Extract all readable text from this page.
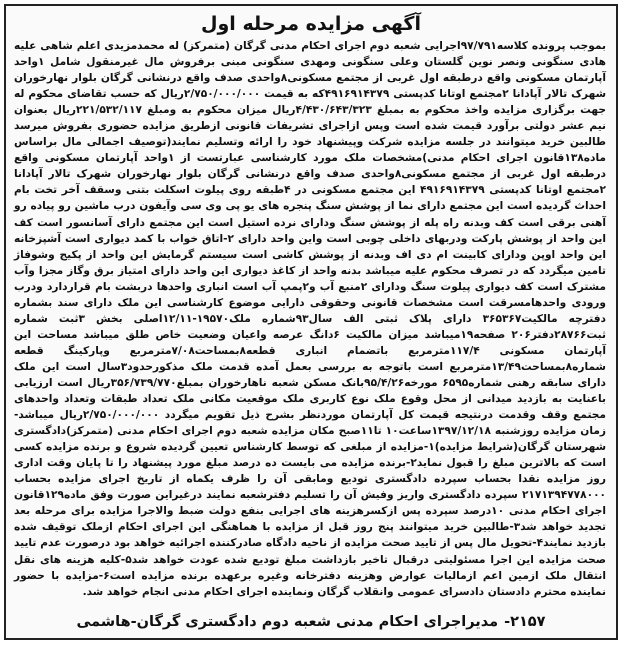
آگهی مزایده مرحله اول
بموجب پرونده کلاسه۹۷/۷۹۱اجرایی شعبه دوم اجرای احکام مدنی گرگان (متمرکز) له محمدمزیدی اعلم شاهی علیه هادی سنگونی ونصر نوین گلستان وعلی سنگونی ومهدی سنگونی مبنی برفروش مال غیرمنقول شامل ۱واحد آپارتمان مسکونی واقع درطبقه اول غربی از مجتمع مسکونی۸واحدی صدف واقع درنشانی گرگان بلوار نهارخوران شهرک تالار آپادانا ۲مجتمع اوتانا کدپستی ۴۹۱۶۹۱۴۳۷۹که به قیمت ۲/۷۵۰/۰۰۰/۰۰۰ریال که حسب تقاضای محکوم له جهت برگزاری مزایده واخذ محکوم به بمبلغ ۴/۴۳۰/۶۴۳/۳۲۳ریال میزان محکوم به ومبلغ ۲۲۱/۵۳۲/۱۱۷ریال بعنوان نیم عشر دولتی برآورد قیمت شده است وپس ازاجرای تشریفات قانونی ازطریق مزایده حضوری بفروش میرسد طالبین خرید میتوانند در جلسه مزایده شرکت وپیشنهاد خود را ارائه وتسلیم نمایند(توصیف اجمالی مال براساس ماده۱۳۸قانون اجرای احکام مدنی)مشخصات ملک مورد کارشناسی عبارتست از ۱واحد آپارتمان مسکونی واقع درطبقه اول غربی از مجتمع مسکونی۸واحدی صدف واقع درنشانی گرگان بلوار نهارخوران شهرک تالار آپادانا ۲مجتمع اوتانا کدپستی ۴۹۱۶۹۱۴۳۷۹ این مجتمع مسکونی در ۴طبقه روی پیلوت اسکلت بتنی وسقف آخر تخت بام احداث گردیده است این مجتمع دارای نما از پوشش سنگ پنجره های یو پی وی سی وآیفون درب ماشین رو پیاده رو آهنی برقی است کف وبدنه راه پله از پوشش سنگ ودارای نرده استیل است این مجتمع دارای آسانسور است کف این واحد از پوشش پارکت ودربهای داخلی چوبی است واین واحد دارای ۲-اتاق خواب با کمد دیواری است آشپزخانه این واحد اوپن ودارای کابینت ام دی اف وبدنه از پوشش کاشی است سیستم گرمایش این واحد از پکیج وشوفاژ تامین میگردد که در تصرف محکوم علیه میباشد بدنه واحد از کاغذ دیواری این واحد دارای امتیاز برق وگاز مجزا وآب مشترک است کف دیواری پیلوت سنگ ودارای ۲منبع آب و۲پمپ آب است انباری واحدها دربشت بام قراردارد ودرب ورودی واحدهامسرقت است مشخصات قانونی وحقوقی دارایی موضوع کارشناسی این ملک دارای سند بشماره دفترچه مالکیت۳۶۵۳۶۷ دارای پلاک ثبتی الف سال۹۳شماره ملک۱۹۵۷۰-۱۲/۱۱اصلی بخش ۳ثبت شماره ثبت۲۸۷۶۶دفتر۲۰۶ صفحه۱۹میباشد میزان مالکیت ۶دانگ عرصه واعیان وضعیت خاص طلق میباشد مساحت این آپارتمان مسکونی ۱۱۷/۴مترمربع باتضمام انباری قطعه۸بمساحت۷/۰۸مترمربع وپارکینگ قطعه شماره۸بمساحت۱۳/۴۹مترمربع است باتوجه به بررسی بعمل آمده قدمت ملک مذکورحدود۳سال است این ملک دارای سابقه رهنی شماره۶۵۹۵ مورخه۹۵/۴/۲۶بانک مسکن شعبه ناهارخوران بمبلغ۳۵۶/۷۳۹/۷۷۰ریال است ارزیابی باعنایت به بازدید میدانی از محل وقوع ملک نوع کاربری ملک موقعیت مکانی ملک تعداد طبقات وتعداد واحدهای مجتمع وقف وقدمت درنتیجه قیمت کل آپارتمان موردنظر بشرح ذیل تقویم میگردد ۲/۷۵۰/۰۰۰/۰۰۰ریال میباشد-زمان مزایده روزشنبه ۱۳۹۷/۱۲/۱۸ساعت۱۰ تا۱۱صبح مکان مزایده شعبه دوم اجرای احکام مدنی (متمرکز)دادگستری شهرستان گرگان(شرایط مزایده)۱-مزایده از مبلغی که توسط کارشناس تعیین گردیده شروع و برنده مزایده کسی است که بالاترین مبلغ را قبول نماید۲-برنده مزایده می بایست ده درصد مبلغ مورد پیشنهاد را تا پایان وقت اداری روز مزایده نقدا بحساب سپرده دادگستری تودیع ومابقی آن را ظرف یکماه از تاریخ اجرای مزایده بحساب ۲۱۷۱۳۹۴۷۷۸۰۰۰ سپرده دادگستری واریز وفیش آن را تسلیم دفترشعبه نمایند درغیراین صورت وفق ماده۱۲۹قانون اجرای احکام مدنی ۱۰درصد سپرده پس ازکسرهزینه های اجرایی بنفع دولت ضبط والاجرا مزایده برای مرحله بعد تجدید خواهد شد۳-طالبین خرید میتوانند پنج روز قبل از مزایده با هماهنگی این اجرای احکام ازملک توقیف شده بازدید نمایند۴-تحویل مال پس از تایید صحت مزایده از ناحیه دادگاه صادرکننده اجرائیه خواهد بود درصورت عدم تایید صحت مزایده این اجرا مسئولیتی درقبال تاخیر بازداشت مبلغ تودیع شده عودت خواهد شد۵-کلیه هزینه های نقل انتقال ملک ازمین اعم ازمالیات عوارض وهزینه دفترخانه وغیره برعهده برنده مزایده است۶-مزایده با حضور نماینده محترم دادستان دادسرای عمومی وانقلاب گرگان ونماینده اجرای احکام مدنی انجام خواهد شد.
۲۱۵۷-مدیراجرای احکام مدنی شعبه دوم دادگستری گرگان-هاشمی
